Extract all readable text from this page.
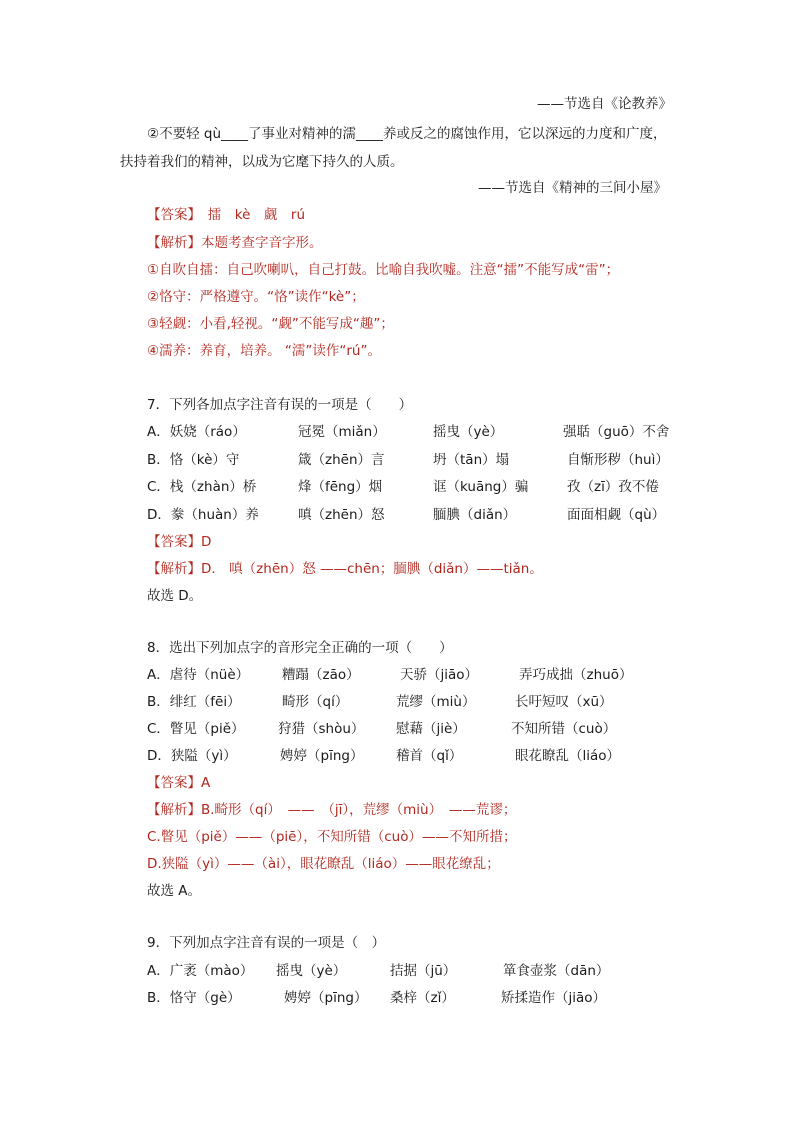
——节选自《论教养》
②不要轻 qù____了事业对精神的濡____养或反之的腐蚀作用，它以深远的力度和广度，
扶持着我们的精神，以成为它麾下持久的人质。
——节选自《精神的三间小屋》
【答案】　擂　kè　觑　rú
【解析】本题考查字音字形。
①自吹自擂：自己吹喇叭，自己打鼓。比喻自我吹嘘。注意“擂”不能写成“雷”；
②恪守：严格遵守。“恪”读作“kè”；
③轻觑：小看,轻视。“觑”不能写成“趣”；
④濡养：养育，培养。 “濡”读作“rú”。
7．下列各加点字注音有误的一项是（　　）
A．妖娆（ráo）	冠冕（miǎn）	摇曳（yè）	强聒（guō）不舍
B．恪（kè）守	箴（zhēn）言	坍（tān）塌	自惭形秽（huì）
C．栈（zhàn）桥	烽（fēng）烟	诓（kuāng）骗	孜（zī）孜不倦
D．豢（huàn）养	嗔（zhēn）怒	腼腆（diǎn）	面面相觑（qù）
【答案】D
【解析】D.　嗔（zhēn）怒 ——chēn；腼腆（diǎn）——tiǎn。
故选 D。
8．选出下列加点字的音形完全正确的一项（　　）
A．虐待（nüè） 糟蹋（zāo）	天骄（jiāo）	弄巧成拙（zhuō）
B．绯红（fēi）	畸形（qí）	荒缪（miù）	长吁短叹（xū）
C．瞥见（piě） 狩猎（shòu） 慰藉（jiè）	不知所错（cuò）
D．狭隘（yì）	娉婷（pīng） 稽首（qǐ）	眼花瞭乱（liáo）
【答案】A
【解析】B.畸形（qí）　——　（jī），荒缪（miù）　——荒谬；
C.瞥见（piě）——（piē），不知所错（cuò）——不知所措；
D.狭隘（yì）——（ài），眼花瞭乱（liáo）——眼花缭乱；
故选 A。
9．下列加点字注音有误的一项是（　）
A．广袤（mào） 摇曳（yè）	拮据（jū）	箪食壶浆（dān）
B．恪守（gè）	娉婷（pīng） 桑梓（zǐ）	矫揉造作（jiāo）
